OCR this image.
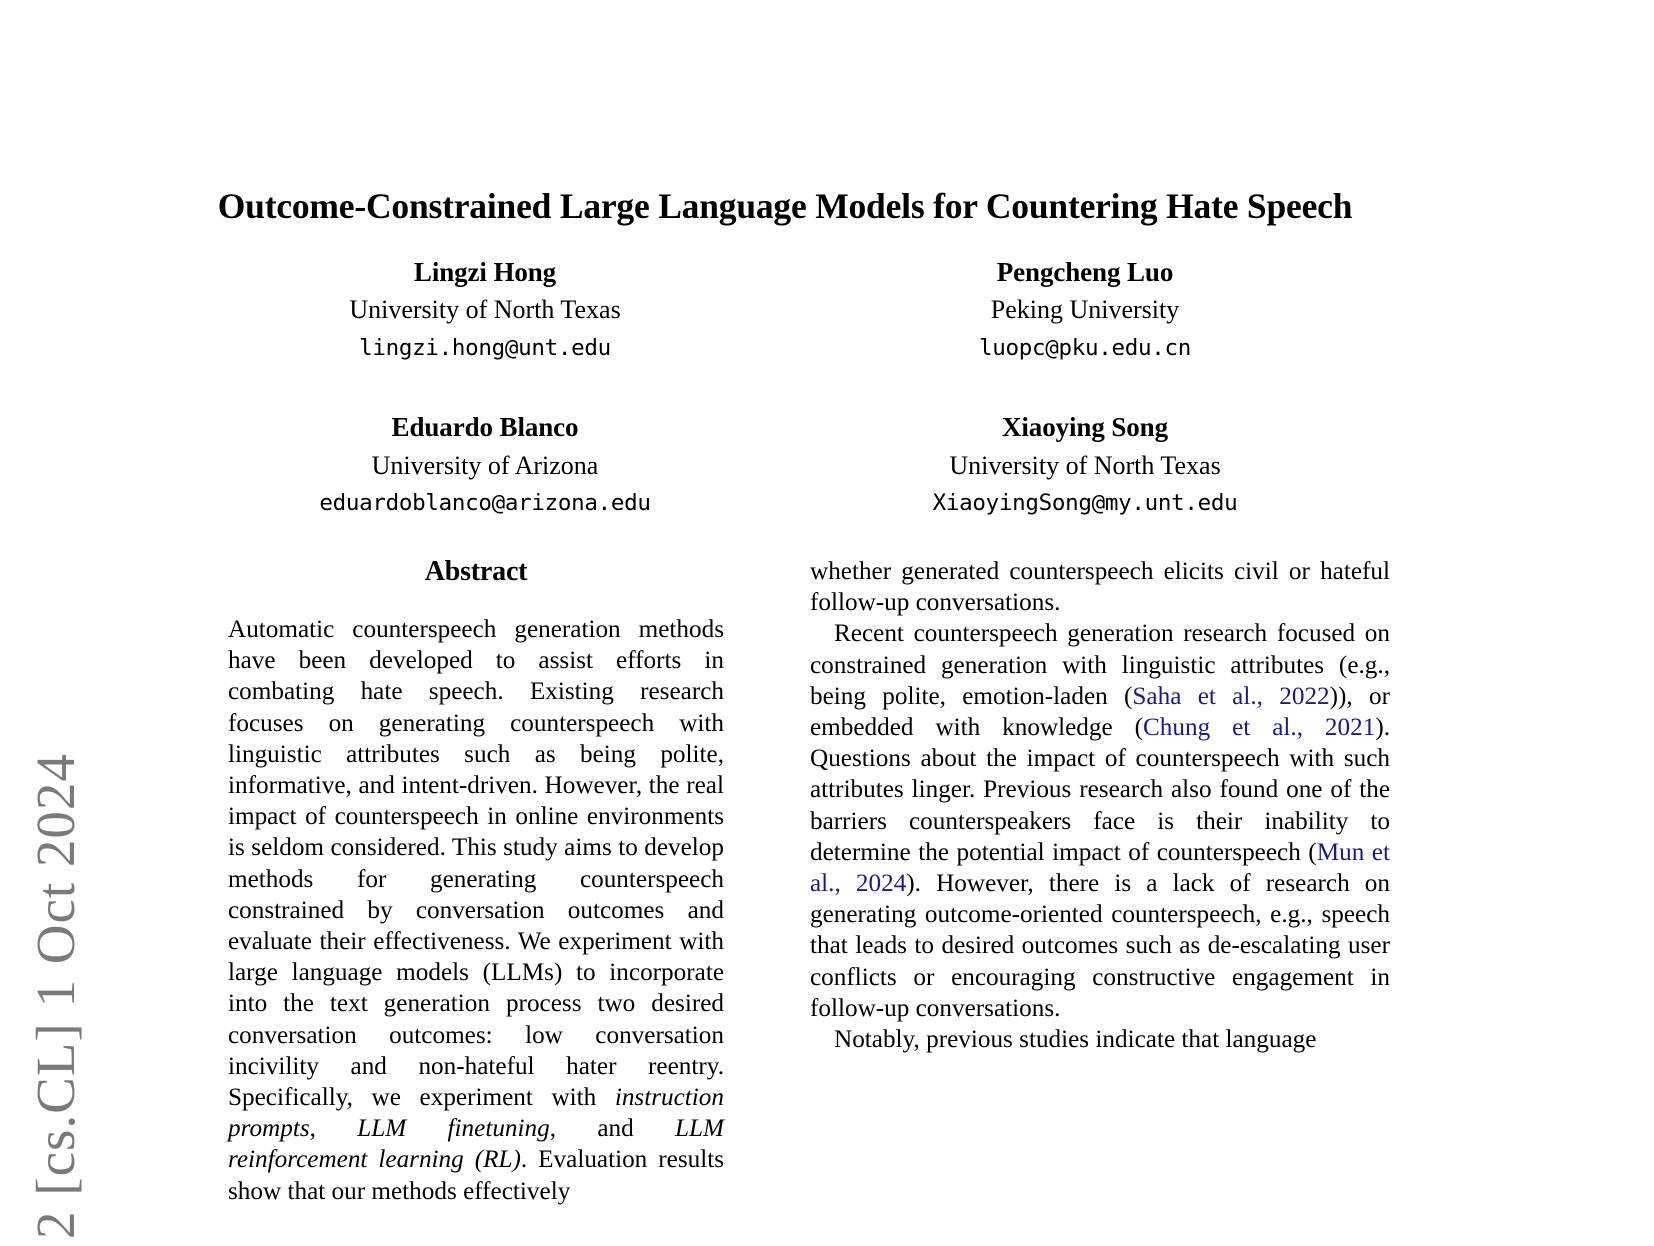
2 [cs.CL] 1 Oct 2024
Outcome-Constrained Large Language Models for Countering Hate Speech
Lingzi Hong
University of North Texas
lingzi.hong@unt.edu
Pengcheng Luo
Peking University
luopc@pku.edu.cn
Eduardo Blanco
University of Arizona
eduardoblanco@arizona.edu
Xiaoying Song
University of North Texas
XiaoyingSong@my.unt.edu
Abstract

Automatic counterspeech generation methods have been developed to assist efforts in combating hate speech. Existing research focuses on generating counterspeech with linguistic attributes such as being polite, informative, and intent-driven. However, the real impact of counterspeech in online environments is seldom considered. This study aims to develop methods for generating counterspeech constrained by conversation outcomes and evaluate their effectiveness. We experiment with large language models (LLMs) to incorporate into the text generation process two desired conversation outcomes: low conversation incivility and non-hateful hater reentry. Specifically, we experiment with instruction prompts, LLM finetuning, and LLM reinforcement learning (RL). Evaluation results show that our methods effectively

whether generated counterspeech elicits civil or hateful follow-up conversations.

Recent counterspeech generation research focused on constrained generation with linguistic attributes (e.g., being polite, emotion-laden (Saha et al., 2022)), or embedded with knowledge (Chung et al., 2021). Questions about the impact of counterspeech with such attributes linger. Previous research also found one of the barriers counterspeakers face is their inability to determine the potential impact of counterspeech (Mun et al., 2024). However, there is a lack of research on generating outcome-oriented counterspeech, e.g., speech that leads to desired outcomes such as de-escalating user conflicts or encouraging constructive engagement in follow-up conversations.

Notably, previous studies indicate that language
